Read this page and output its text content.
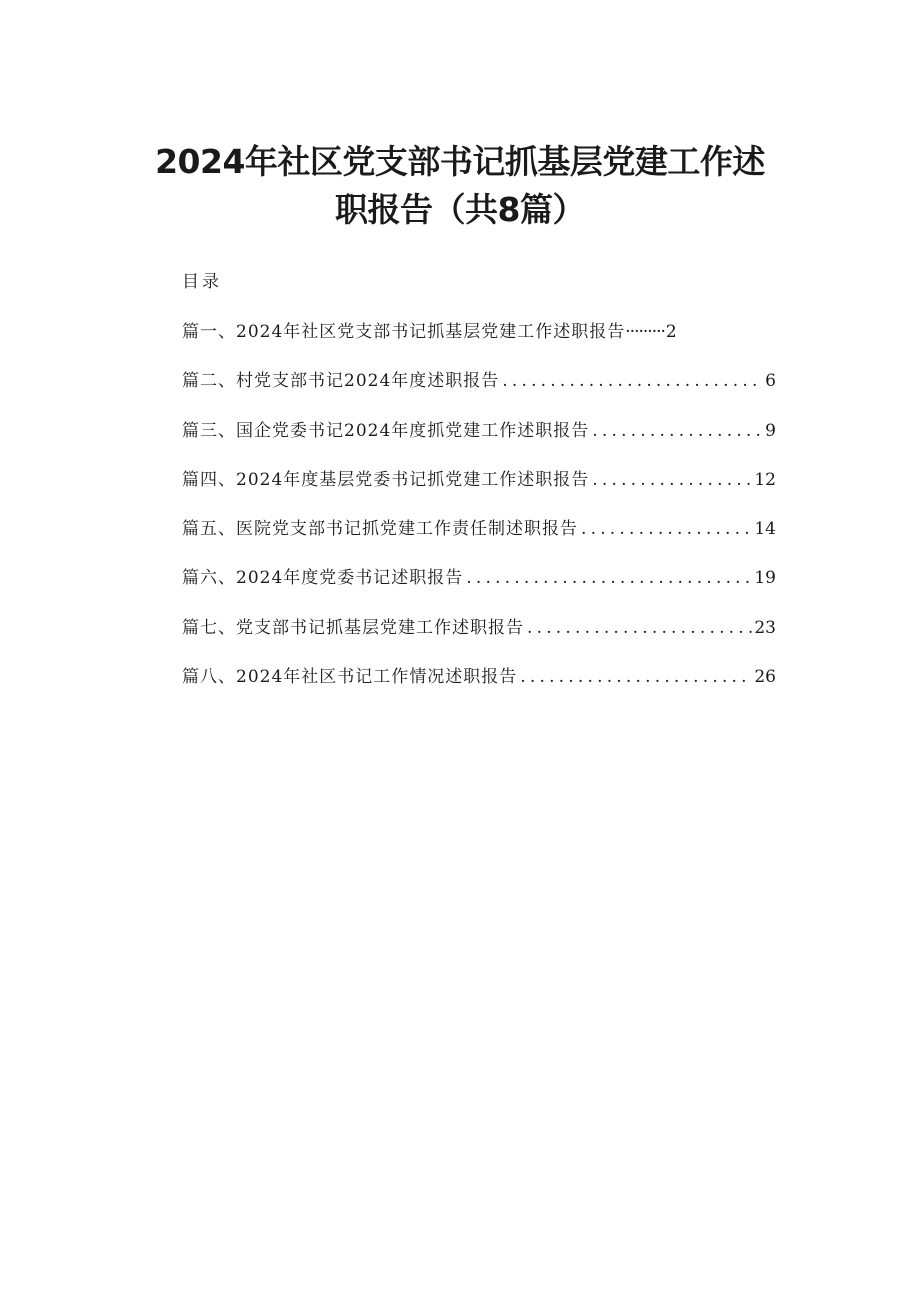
2024年社区党支部书记抓基层党建工作述
职报告（共8篇）
目录
篇一、2024年社区党支部书记抓基层党建工作述职报告 ········· 2
篇二、村党支部书记2024年度述职报告 .....	6
篇三、国企党委书记2024年度抓党建工作述职报告 .....	9
篇四、2024年度基层党委书记抓党建工作述职报告 .....	12
篇五、医院党支部书记抓党建工作责任制述职报告 .....	14
篇六、2024年度党委书记述职报告 .....	19
篇七、党支部书记抓基层党建工作述职报告 .....	23
篇八、2024年社区书记工作情况述职报告 .....	26
